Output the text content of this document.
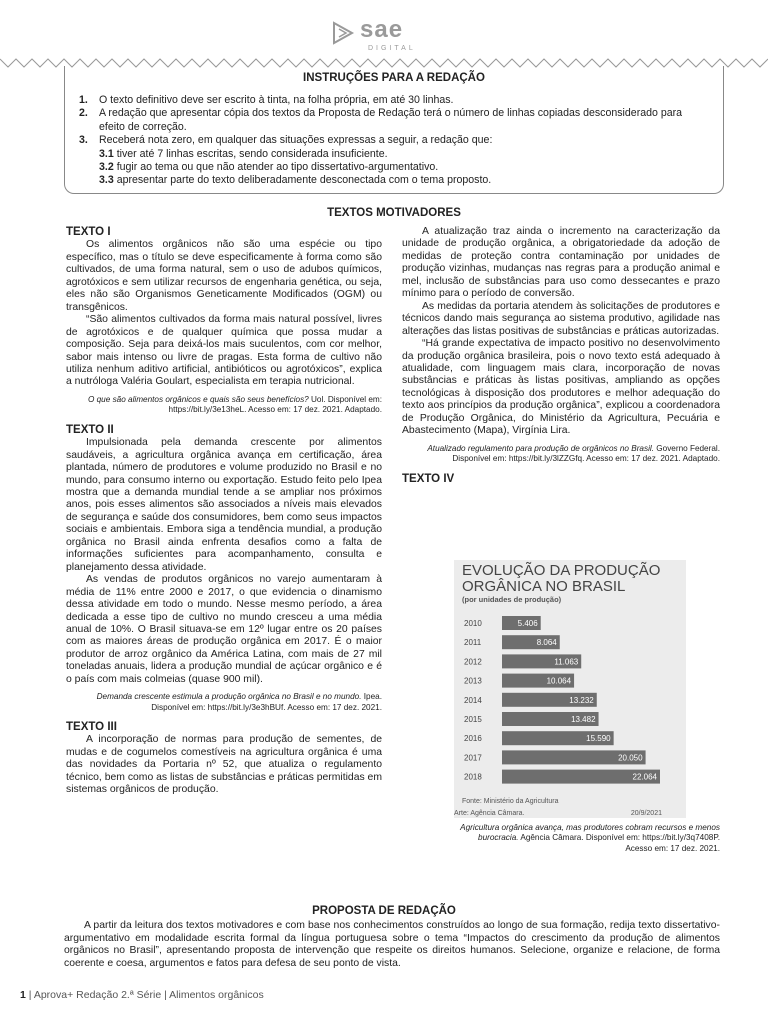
sae
DIGITAL
INSTRUÇÕES PARA A REDAÇÃO
1.	O texto definitivo deve ser escrito à tinta, na folha própria, em até 30 linhas.
2.	A redação que apresentar cópia dos textos da Proposta de Redação terá o número de linhas copiadas desconsiderado para efeito de correção.
3.	Receberá nota zero, em qualquer das situações expressas a seguir, a redação que:
3.1 tiver até 7 linhas escritas, sendo considerada insuficiente.
3.2 fugir ao tema ou que não atender ao tipo dissertativo-argumentativo.
3.3 apresentar parte do texto deliberadamente desconectada com o tema proposto.
TEXTOS MOTIVADORES
TEXTO I

Os alimentos orgânicos não são uma espécie ou tipo específico, mas o título se deve especificamente à forma como são cultivados, de uma forma natural, sem o uso de adubos químicos, agrotóxicos e sem utilizar recursos de engenharia genética, ou seja, eles não são Organismos Geneticamente Modificados (OGM) ou transgênicos.

“São alimentos cultivados da forma mais natural possível, livres de agrotóxicos e de qualquer química que possa mudar a composição. Seja para deixá-los mais suculentos, com cor melhor, sabor mais intenso ou livre de pragas. Esta forma de cultivo não utiliza nenhum aditivo artificial, antibióticos ou agrotóxicos”, explica a nutróloga Valéria Goulart, especialista em terapia nutricional.

O que são alimentos orgânicos e quais são seus benefícios? Uol. Disponível em: https://bit.ly/3e13heL. Acesso em: 17 dez. 2021. Adaptado.
TEXTO II

Impulsionada pela demanda crescente por alimentos saudáveis, a agricultura orgânica avança em certificação, área plantada, número de produtores e volume produzido no Brasil e no mundo, para consumo interno ou exportação. Estudo feito pelo Ipea mostra que a demanda mundial tende a se ampliar nos próximos anos, pois esses alimentos são associados a níveis mais elevados de segurança e saúde dos consumidores, bem como seus impactos sociais e ambientais. Embora siga a tendência mundial, a produção orgânica no Brasil ainda enfrenta desafios como a falta de informações suficientes para acompanhamento, consulta e planejamento dessa atividade.

As vendas de produtos orgânicos no varejo aumentaram à média de 11% entre 2000 e 2017, o que evidencia o dinamismo dessa atividade em todo o mundo. Nesse mesmo período, a área dedicada a esse tipo de cultivo no mundo cresceu a uma média anual de 10%. O Brasil situava-se em 12º lugar entre os 20 países com as maiores áreas de produção orgânica em 2017. É o maior produtor de arroz orgânico da América Latina, com mais de 27 mil toneladas anuais, lidera a produção mundial de açúcar orgânico e é o país com mais colmeias (quase 900 mil).

Demanda crescente estimula a produção orgânica no Brasil e no mundo. Ipea. Disponível em: https://bit.ly/3e3hBUf. Acesso em: 17 dez. 2021.
TEXTO III

A incorporação de normas para produção de sementes, de mudas e de cogumelos comestíveis na agricultura orgânica é uma das novidades da Portaria nº 52, que atualiza o regulamento técnico, bem como as listas de substâncias e práticas permitidas em sistemas orgânicos de produção.

A atualização traz ainda o incremento na caracterização da unidade de produção orgânica, a obrigatoriedade da adoção de medidas de proteção contra contaminação por unidades de produção vizinhas, mudanças nas regras para a produção animal e mel, inclusão de substâncias para uso como dessecantes e prazo mínimo para o período de conversão.

As medidas da portaria atendem às solicitações de produtores e técnicos dando mais segurança ao sistema produtivo, agilidade nas alterações das listas positivas de substâncias e práticas autorizadas.

“Há grande expectativa de impacto positivo no desenvolvimento da produção orgânica brasileira, pois o novo texto está adequado à atualidade, com linguagem mais clara, incorporação de novas substâncias e práticas às listas positivas, ampliando as opções tecnológicas à disposição dos produtores e melhor adequação do texto aos princípios da produção orgânica”, explicou a coordenadora de Produção Orgânica, do Ministério da Agricultura, Pecuária e Abastecimento (Mapa), Virgínia Lira.

Atualizado regulamento para produção de orgânicos no Brasil. Governo Federal. Disponível em: https://bit.ly/3lZZGfq. Acesso em: 17 dez. 2021. Adaptado.
TEXTO IV
EVOLUÇÃO DA PRODUÇÃO
ORGÂNICA NO BRASIL
(por unidades de produção)
2010	5.406
2011	8.064
2012	11.063
2013	10.064
2014	13.232
2015	13.482
2016	15.590
2017	20.050
2018	22.064
Fonte: Ministério da Agricultura
Arte: Agência Câmara.	20/9/2021
Agricultura orgânica avança, mas produtores cobram recursos e menos burocracia. Agência Câmara. Disponível em: https://bit.ly/3q7408P. Acesso em: 17 dez. 2021.
PROPOSTA DE REDAÇÃO
A partir da leitura dos textos motivadores e com base nos conhecimentos construídos ao longo de sua formação, redija texto dissertativo-argumentativo em modalidade escrita formal da língua portuguesa sobre o tema “Impactos do crescimento da produção de alimentos orgânicos no Brasil”, apresentando proposta de intervenção que respeite os direitos humanos. Selecione, organize e relacione, de forma coerente e coesa, argumentos e fatos para defesa de seu ponto de vista.
1 | Aprova+ Redação 2.ª Série | Alimentos orgânicos
